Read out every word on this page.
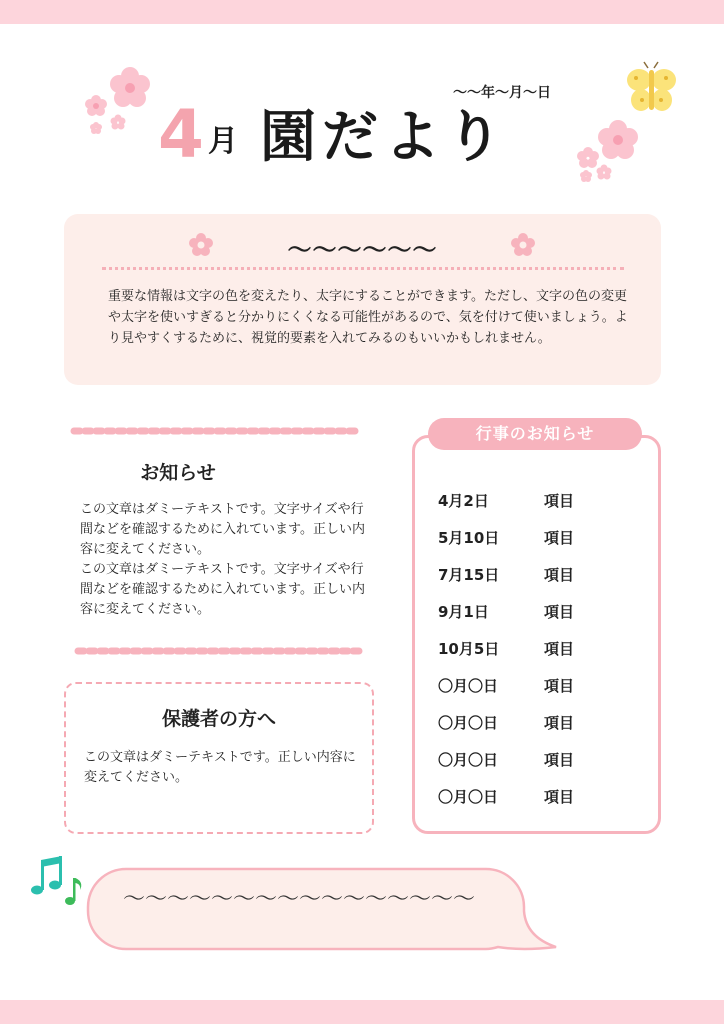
4 月 園だより
～～年～月～日
～～～～～～
重要な情報は文字の色を変えたり、太字にすることができます。ただし、文字の色の変更や太字を使いすぎると分かりにくくなる可能性があるので、気を付けて使いましょう。より見やすくするために、視覚的要素を入れてみるのもいいかもしれません。
お知らせ

この文章はダミーテキストです。文字サイズや行間などを確認するために入れています。正しい内容に変えてください。

この文章はダミーテキストです。文字サイズや行間などを確認するために入れています。正しい内容に変えてください。

保護者の方へ
この文章はダミーテキストです。正しい内容に変えてください。
行事のお知らせ
4月2日	項目
5月10日	項目
7月15日	項目
9月1日	項目
10月5日	項目
〇月〇日	項目
〇月〇日	項目
〇月〇日	項目
〇月〇日	項目
～～～～～～～～～～～～～～～～
